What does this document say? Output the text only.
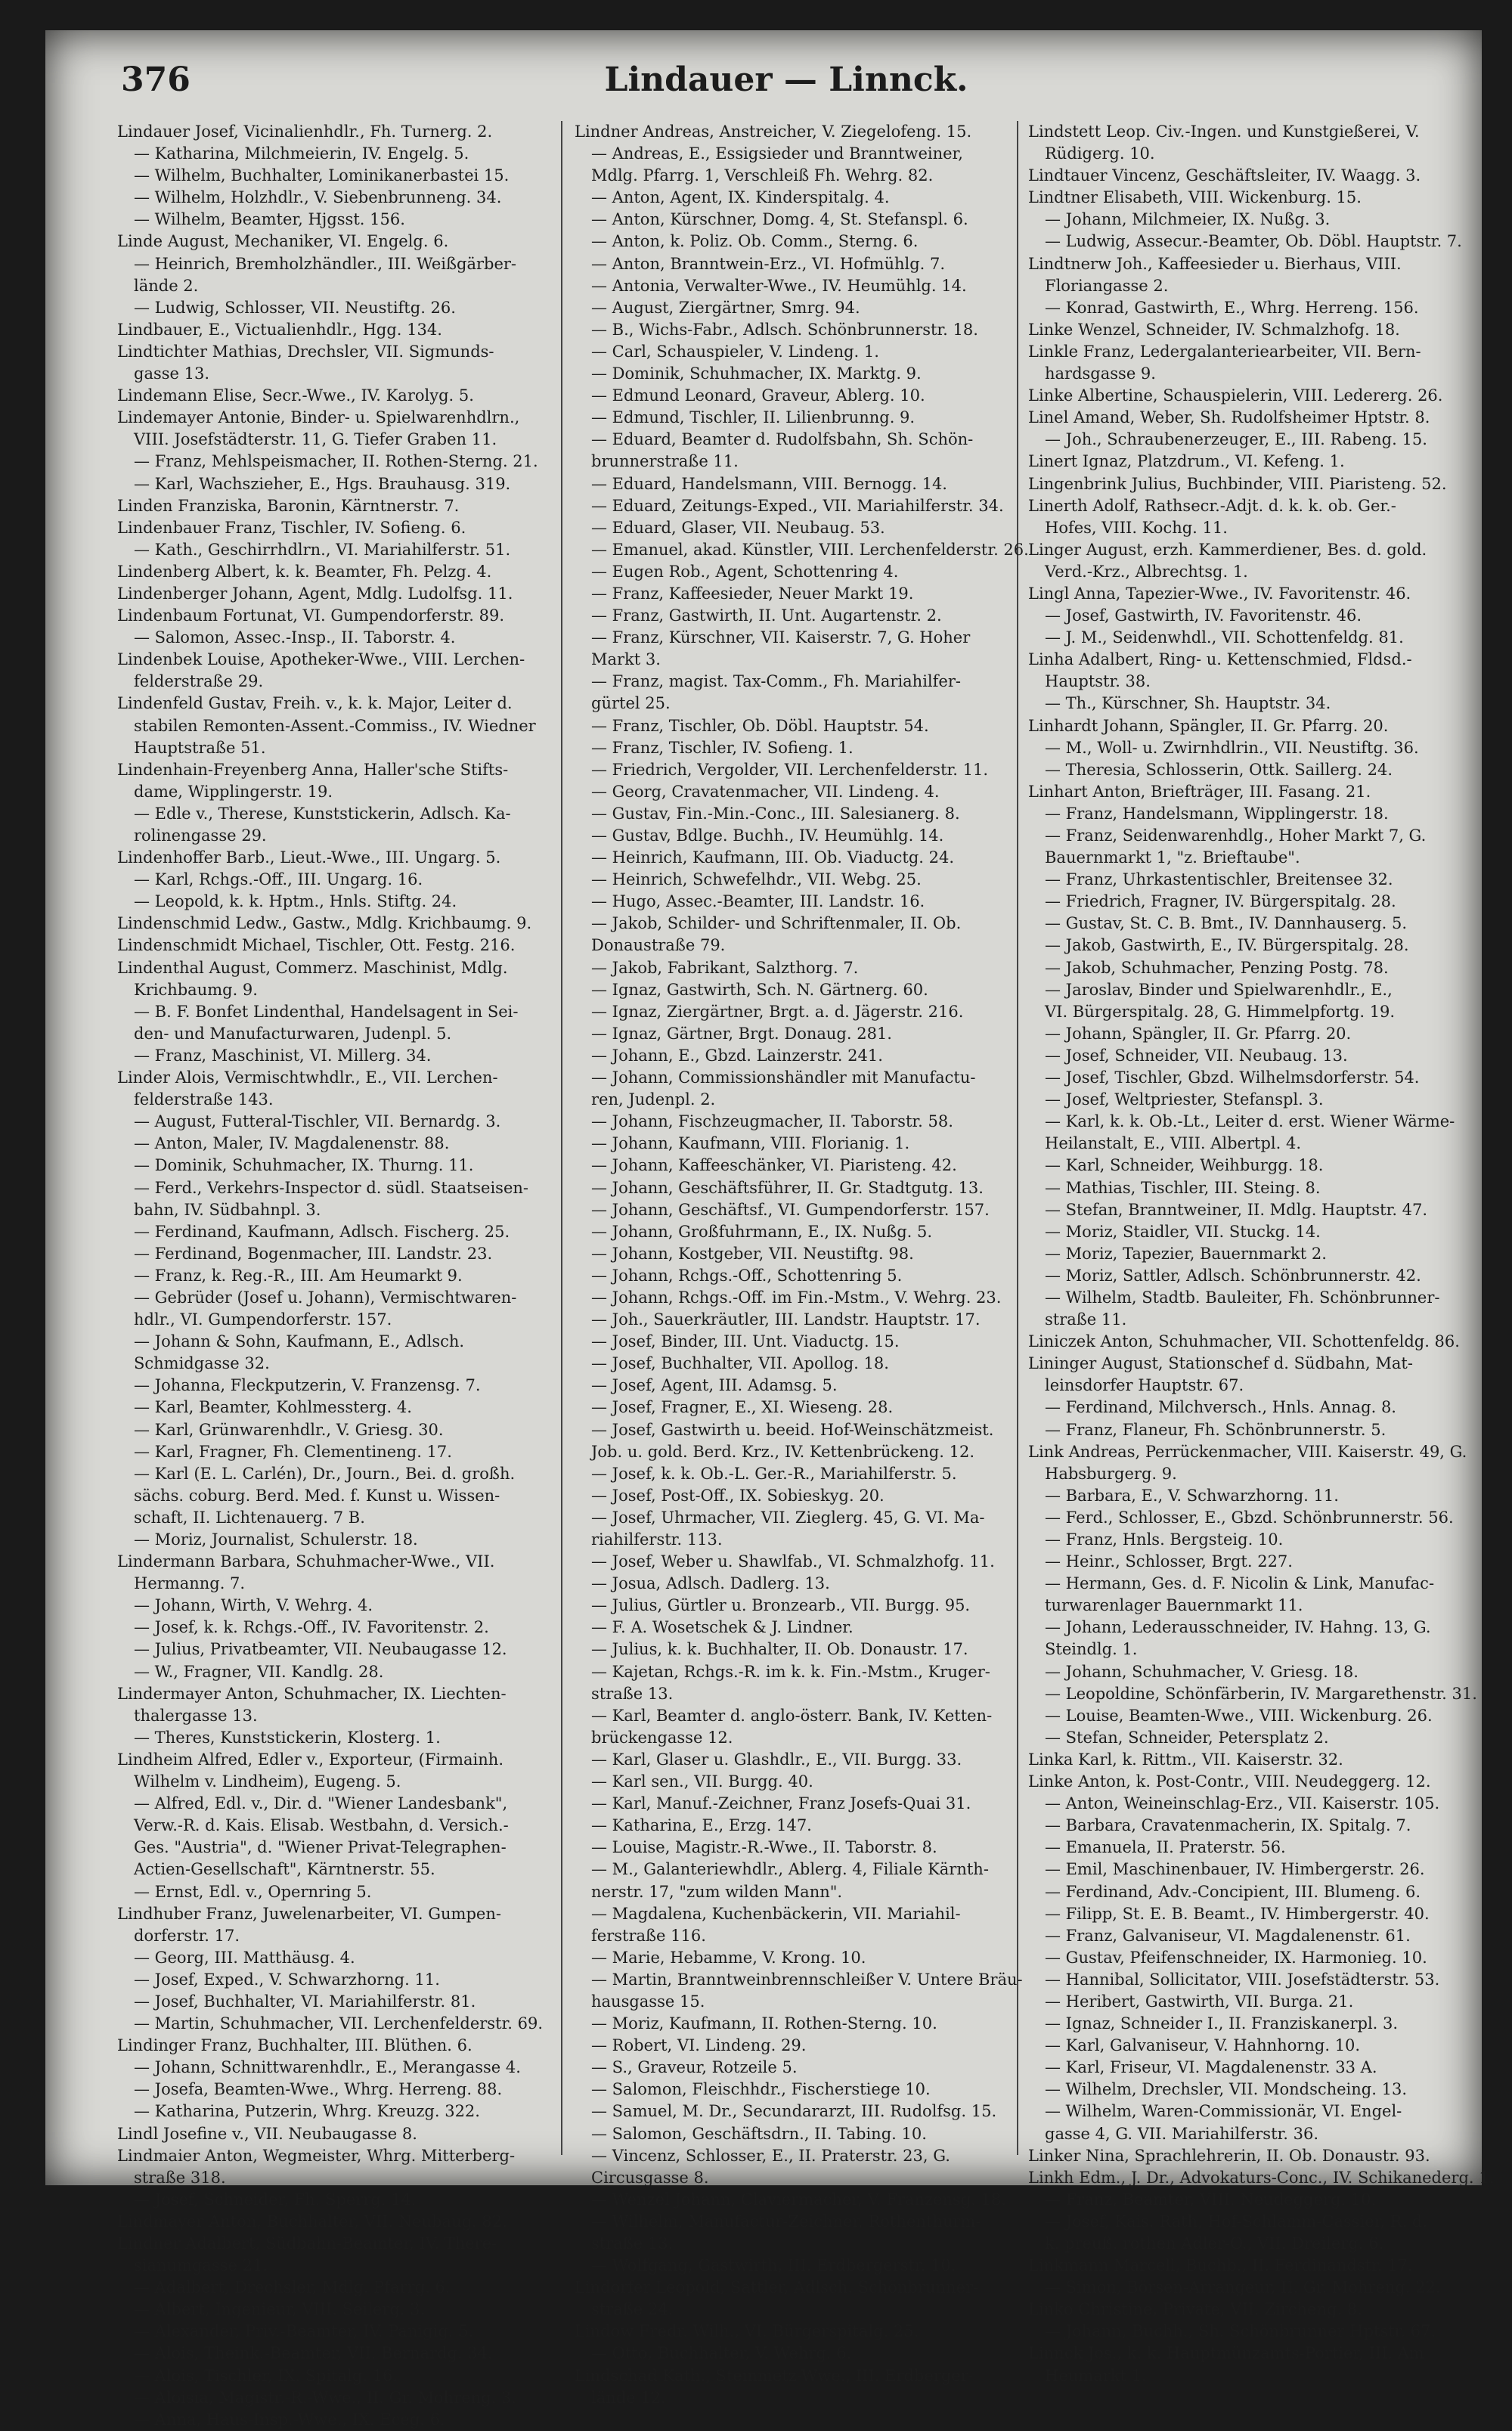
Lindauer — Linnck.
376
Lindauer Josef, Vicinalienhdlr., Fh. Turnerg. 2.
— Katharina, Milchmeierin, IV. Engelg. 5.
— Wilhelm, Buchhalter, Lominikanerbastei 15.
— Wilhelm, Holzhdlr., V. Siebenbrunneng. 34.
— Wilhelm, Beamter, Hjgsst. 156.
Linde August, Mechaniker, VI. Engelg. 6.
— Heinrich, Bremholzhändler., III. Weißgärber-
lände 2.
— Ludwig, Schlosser, VII. Neustiftg. 26.
Lindbauer, E., Victualienhdlr., Hgg. 134.
Lindtichter Mathias, Drechsler, VII. Sigmunds-
gasse 13.
Lindemann Elise, Secr.-Wwe., IV. Karolyg. 5.
Lindemayer Antonie, Binder- u. Spielwarenhdlrn.,
VIII. Josefstädterstr. 11, G. Tiefer Graben 11.
— Franz, Mehlspeismacher, II. Rothen-Sterng. 21.
— Karl, Wachszieher, E., Hgs. Brauhausg. 319.
Linden Franziska, Baronin, Kärntnerstr. 7.
Lindenbauer Franz, Tischler, IV. Sofieng. 6.
— Kath., Geschirrhdlrn., VI. Mariahilferstr. 51.
Lindenberg Albert, k. k. Beamter, Fh. Pelzg. 4.
Lindenberger Johann, Agent, Mdlg. Ludolfsg. 11.
Lindenbaum Fortunat, VI. Gumpendorferstr. 89.
— Salomon, Assec.-Insp., II. Taborstr. 4.
Lindenbek Louise, Apotheker-Wwe., VIII. Lerchen-
felderstraße 29.
Lindenfeld Gustav, Freih. v., k. k. Major, Leiter d.
stabilen Remonten-Assent.-Commiss., IV. Wiedner
Hauptstraße 51.
Lindenhain-Freyenberg Anna, Haller'sche Stifts-
dame, Wipplingerstr. 19.
— Edle v., Therese, Kunststickerin, Adlsch. Ka-
rolinengasse 29.
Lindenhoffer Barb., Lieut.-Wwe., III. Ungarg. 5.
— Karl, Rchgs.-Off., III. Ungarg. 16.
— Leopold, k. k. Hptm., Hnls. Stiftg. 24.
Lindenschmid Ledw., Gastw., Mdlg. Krichbaumg. 9.
Lindenschmidt Michael, Tischler, Ott. Festg. 216.
Lindenthal August, Commerz. Maschinist, Mdlg.
Krichbaumg. 9.
— B. F. Bonfet Lindenthal, Handelsagent in Sei-
den- und Manufacturwaren, Judenpl. 5.
— Franz, Maschinist, VI. Millerg. 34.
Linder Alois, Vermischtwhdlr., E., VII. Lerchen-
felderstraße 143.
— August, Futteral-Tischler, VII. Bernardg. 3.
— Anton, Maler, IV. Magdalenenstr. 88.
— Dominik, Schuhmacher, IX. Thurng. 11.
— Ferd., Verkehrs-Inspector d. südl. Staatseisen-
bahn, IV. Südbahnpl. 3.
— Ferdinand, Kaufmann, Adlsch. Fischerg. 25.
— Ferdinand, Bogenmacher, III. Landstr. 23.
— Franz, k. Reg.-R., III. Am Heumarkt 9.
— Gebrüder (Josef u. Johann), Vermischtwaren-
hdlr., VI. Gumpendorferstr. 157.
— Johann & Sohn, Kaufmann, E., Adlsch.
Schmidgasse 32.
— Johanna, Fleckputzerin, V. Franzensg. 7.
— Karl, Beamter, Kohlmessterg. 4.
— Karl, Grünwarenhdlr., V. Griesg. 30.
— Karl, Fragner, Fh. Clementineng. 17.
— Karl (E. L. Carlén), Dr., Journ., Bei. d. großh.
sächs. coburg. Berd. Med. f. Kunst u. Wissen-
schaft, II. Lichtenauerg. 7 B.
— Moriz, Journalist, Schulerstr. 18.
Lindermann Barbara, Schuhmacher-Wwe., VII.
Hermanng. 7.
— Johann, Wirth, V. Wehrg. 4.
— Josef, k. k. Rchgs.-Off., IV. Favoritenstr. 2.
— Julius, Privatbeamter, VII. Neubaugasse 12.
— W., Fragner, VII. Kandlg. 28.
Lindermayer Anton, Schuhmacher, IX. Liechten-
thalergasse 13.
— Theres, Kunststickerin, Klosterg. 1.
Lindheim Alfred, Edler v., Exporteur, (Firmainh.
Wilhelm v. Lindheim), Eugeng. 5.
— Alfred, Edl. v., Dir. d. "Wiener Landesbank",
Verw.-R. d. Kais. Elisab. Westbahn, d. Versich.-
Ges. "Austria", d. "Wiener Privat-Telegraphen-
Actien-Gesellschaft", Kärntnerstr. 55.
— Ernst, Edl. v., Opernring 5.
Lindhuber Franz, Juwelenarbeiter, VI. Gumpen-
dorferstr. 17.
— Georg, III. Matthäusg. 4.
— Josef, Exped., V. Schwarzhorng. 11.
— Josef, Buchhalter, VI. Mariahilferstr. 81.
— Martin, Schuhmacher, VII. Lerchenfelderstr. 69.
Lindinger Franz, Buchhalter, III. Blüthen. 6.
— Johann, Schnittwarenhdlr., E., Merangasse 4.
— Josefa, Beamten-Wwe., Whrg. Herreng. 88.
— Katharina, Putzerin, Whrg. Kreuzg. 322.
Lindl Josefine v., VII. Neubaugasse 8.
Lindmaier Anton, Wegmeister, Whrg. Mitterberg-
straße 318.
— Josef, Schneider, Fh. Sperrg. 14.
Lindmayer Anton, Buchhalter, VII. Neubaug. 82.
Lindner Adalbert, Südbahn-Beamter, IV. There-
sianumgasse 21.
— Adalbert, Drechsler, Mdlg. Pfarrg. 6.
— Albert, Ingenieur, VIII. Seilerg. 3.
— Alexander, Priv.-Beamter, IV. Panigig. 5.
— Alois, Theink.-Beamter, VII. Bernardg. 34.
— Alois, Tischler, IX. Spitalg. 16.
— Aloisia, Magistr.-R.-Wwe., II. Gr. Mohreng. 3.
— Anna, Haus-Insp.-Wwe., IX. Eceg. 6.
Lindner Andreas, Anstreicher, V. Ziegelofeng. 15.
— Andreas, E., Essigsieder und Branntweiner,
Mdlg. Pfarrg. 1, Verschleiß Fh. Wehrg. 82.
— Anton, Agent, IX. Kinderspitalg. 4.
— Anton, Kürschner, Domg. 4, St. Stefanspl. 6.
— Anton, k. Poliz. Ob. Comm., Sterng. 6.
— Anton, Branntwein-Erz., VI. Hofmühlg. 7.
— Antonia, Verwalter-Wwe., IV. Heumühlg. 14.
— August, Ziergärtner, Smrg. 94.
— B., Wichs-Fabr., Adlsch. Schönbrunnerstr. 18.
— Carl, Schauspieler, V. Lindeng. 1.
— Dominik, Schuhmacher, IX. Marktg. 9.
— Edmund Leonard, Graveur, Ablerg. 10.
— Edmund, Tischler, II. Lilienbrunng. 9.
— Eduard, Beamter d. Rudolfsbahn, Sh. Schön-
brunnerstraße 11.
— Eduard, Handelsmann, VIII. Bernogg. 14.
— Eduard, Zeitungs-Exped., VII. Mariahilferstr. 34.
— Eduard, Glaser, VII. Neubaug. 53.
— Emanuel, akad. Künstler, VIII. Lerchenfelderstr. 26.
— Eugen Rob., Agent, Schottenring 4.
— Franz, Kaffeesieder, Neuer Markt 19.
— Franz, Gastwirth, II. Unt. Augartenstr. 2.
— Franz, Kürschner, VII. Kaiserstr. 7, G. Hoher
Markt 3.
— Franz, magist. Tax-Comm., Fh. Mariahilfer-
gürtel 25.
— Franz, Tischler, Ob. Döbl. Hauptstr. 54.
— Franz, Tischler, IV. Sofieng. 1.
— Friedrich, Vergolder, VII. Lerchenfelderstr. 11.
— Georg, Cravatenmacher, VII. Lindeng. 4.
— Gustav, Fin.-Min.-Conc., III. Salesianerg. 8.
— Gustav, Bdlge. Buchh., IV. Heumühlg. 14.
— Heinrich, Kaufmann, III. Ob. Viaductg. 24.
— Heinrich, Schwefelhdr., VII. Webg. 25.
— Hugo, Assec.-Beamter, III. Landstr. 16.
— Jakob, Schilder- und Schriftenmaler, II. Ob.
Donaustraße 79.
— Jakob, Fabrikant, Salzthorg. 7.
— Ignaz, Gastwirth, Sch. N. Gärtnerg. 60.
— Ignaz, Ziergärtner, Brgt. a. d. Jägerstr. 216.
— Ignaz, Gärtner, Brgt. Donaug. 281.
— Johann, E., Gbzd. Lainzerstr. 241.
— Johann, Commissionshändler mit Manufactu-
ren, Judenpl. 2.
— Johann, Fischzeugmacher, II. Taborstr. 58.
— Johann, Kaufmann, VIII. Florianig. 1.
— Johann, Kaffeeschänker, VI. Piaristeng. 42.
— Johann, Geschäftsführer, II. Gr. Stadtgutg. 13.
— Johann, Geschäftsf., VI. Gumpendorferstr. 157.
— Johann, Großfuhrmann, E., IX. Nußg. 5.
— Johann, Kostgeber, VII. Neustiftg. 98.
— Johann, Rchgs.-Off., Schottenring 5.
— Johann, Rchgs.-Off. im Fin.-Mstm., V. Wehrg. 23.
— Joh., Sauerkräutler, III. Landstr. Hauptstr. 17.
— Josef, Binder, III. Unt. Viaductg. 15.
— Josef, Buchhalter, VII. Apollog. 18.
— Josef, Agent, III. Adamsg. 5.
— Josef, Fragner, E., XI. Wieseng. 28.
— Josef, Gastwirth u. beeid. Hof-Weinschätzmeist.
Job. u. gold. Berd. Krz., IV. Kettenbrückeng. 12.
— Josef, k. k. Ob.-L. Ger.-R., Mariahilferstr. 5.
— Josef, Post-Off., IX. Sobieskyg. 20.
— Josef, Uhrmacher, VII. Zieglerg. 45, G. VI. Ma-
riahilferstr. 113.
— Josef, Weber u. Shawlfab., VI. Schmalzhofg. 11.
— Josua, Adlsch. Dadlerg. 13.
— Julius, Gürtler u. Bronzearb., VII. Burgg. 95.
— F. A. Wosetschek & J. Lindner.
— Julius, k. k. Buchhalter, II. Ob. Donaustr. 17.
— Kajetan, Rchgs.-R. im k. k. Fin.-Mstm., Kruger-
straße 13.
— Karl, Beamter d. anglo-österr. Bank, IV. Ketten-
brückengasse 12.
— Karl, Glaser u. Glashdlr., E., VII. Burgg. 33.
— Karl sen., VII. Burgg. 40.
— Karl, Manuf.-Zeichner, Franz Josefs-Quai 31.
— Katharina, E., Erzg. 147.
— Louise, Magistr.-R.-Wwe., II. Taborstr. 8.
— M., Galanteriewhdlr., Ablerg. 4, Filiale Kärnth-
nerstr. 17, "zum wilden Mann".
— Magdalena, Kuchenbäckerin, VII. Mariahil-
ferstraße 116.
— Marie, Hebamme, V. Krong. 10.
— Martin, Branntweinbrennschleißer V. Untere Bräu-
hausgasse 15.
— Moriz, Kaufmann, II. Rothen-Sterng. 10.
— Robert, VI. Lindeng. 29.
— S., Graveur, Rotzeile 5.
— Salomon, Fleischhdr., Fischerstiege 10.
— Samuel, M. Dr., Secundararzt, III. Rudolfsg. 15.
— Salomon, Geschäftsdrn., II. Tabing. 10.
— Vincenz, Schlosser, E., II. Praterstr. 23, G.
Circusgasse 8.
— Wenzel Johann, Claviermacher, V. Franzensg. 18.
— Wilhelm, Manufactur-Zeichner, Rothenthurm-
straße 13.
— Wolfgang, Gastwirth, III. Erdbergerstr. 10.
Lindorfer Leopold, Sattler, Adlsch. Schönbrunner-
straße 24.
Lindow Fredr. Wilh., VI. Bürgerspitalg. 25.
— Otto, Buchhalter, V. Wehrg. 6.
Lindschad Kath., Steinmetz-Wwe., III. Erdberger-
lände 12.
Lindstett Leop. Civ.-Ingen. und Kunstgießerei, V.
Rüdigerg. 10.
Lindtauer Vincenz, Geschäftsleiter, IV. Waagg. 3.
Lindtner Elisabeth, VIII. Wickenburg. 15.
— Johann, Milchmeier, IX. Nußg. 3.
— Ludwig, Assecur.-Beamter, Ob. Döbl. Hauptstr. 7.
Lindtnerw Joh., Kaffeesieder u. Bierhaus, VIII.
Floriangasse 2.
— Konrad, Gastwirth, E., Whrg. Herreng. 156.
Linke Wenzel, Schneider, IV. Schmalzhofg. 18.
Linkle Franz, Ledergalanteriearbeiter, VII. Bern-
hardsgasse 9.
Linke Albertine, Schauspielerin, VIII. Ledererg. 26.
Linel Amand, Weber, Sh. Rudolfsheimer Hptstr. 8.
— Joh., Schraubenerzeuger, E., III. Rabeng. 15.
Linert Ignaz, Platzdrum., VI. Kefeng. 1.
Lingenbrink Julius, Buchbinder, VIII. Piaristeng. 52.
Linerth Adolf, Rathsecr.-Adjt. d. k. k. ob. Ger.-
Hofes, VIII. Kochg. 11.
Linger August, erzh. Kammerdiener, Bes. d. gold.
Verd.-Krz., Albrechtsg. 1.
Lingl Anna, Tapezier-Wwe., IV. Favoritenstr. 46.
— Josef, Gastwirth, IV. Favoritenstr. 46.
— J. M., Seidenwhdl., VII. Schottenfeldg. 81.
Linha Adalbert, Ring- u. Kettenschmied, Fldsd.-
Hauptstr. 38.
— Th., Kürschner, Sh. Hauptstr. 34.
Linhardt Johann, Spängler, II. Gr. Pfarrg. 20.
— M., Woll- u. Zwirnhdlrin., VII. Neustiftg. 36.
— Theresia, Schlosserin, Ottk. Saillerg. 24.
Linhart Anton, Briefträger, III. Fasang. 21.
— Franz, Handelsmann, Wipplingerstr. 18.
— Franz, Seidenwarenhdlg., Hoher Markt 7, G.
Bauernmarkt 1, "z. Brieftaube".
— Franz, Uhrkastentischler, Breitensee 32.
— Friedrich, Fragner, IV. Bürgerspitalg. 28.
— Gustav, St. C. B. Bmt., IV. Dannhauserg. 5.
— Jakob, Gastwirth, E., IV. Bürgerspitalg. 28.
— Jakob, Schuhmacher, Penzing Postg. 78.
— Jaroslav, Binder und Spielwarenhdlr., E.,
VI. Bürgerspitalg. 28, G. Himmelpfortg. 19.
— Johann, Spängler, II. Gr. Pfarrg. 20.
— Josef, Schneider, VII. Neubaug. 13.
— Josef, Tischler, Gbzd. Wilhelmsdorferstr. 54.
— Josef, Weltpriester, Stefanspl. 3.
— Karl, k. k. Ob.-Lt., Leiter d. erst. Wiener Wärme-
Heilanstalt, E., VIII. Albertpl. 4.
— Karl, Schneider, Weihburgg. 18.
— Mathias, Tischler, III. Steing. 8.
— Stefan, Branntweiner, II. Mdlg. Hauptstr. 47.
— Moriz, Staidler, VII. Stuckg. 14.
— Moriz, Tapezier, Bauernmarkt 2.
— Moriz, Sattler, Adlsch. Schönbrunnerstr. 42.
— Wilhelm, Stadtb. Bauleiter, Fh. Schönbrunner-
straße 11.
Liniczek Anton, Schuhmacher, VII. Schottenfeldg. 86.
Lininger August, Stationschef d. Südbahn, Mat-
leinsdorfer Hauptstr. 67.
— Ferdinand, Milchversch., Hnls. Annag. 8.
— Franz, Flaneur, Fh. Schönbrunnerstr. 5.
Link Andreas, Perrückenmacher, VIII. Kaiserstr. 49, G.
Habsburgerg. 9.
— Barbara, E., V. Schwarzhorng. 11.
— Ferd., Schlosser, E., Gbzd. Schönbrunnerstr. 56.
— Franz, Hnls. Bergsteig. 10.
— Heinr., Schlosser, Brgt. 227.
— Hermann, Ges. d. F. Nicolin & Link, Manufac-
turwarenlager Bauernmarkt 11.
— Johann, Lederausschneider, IV. Hahng. 13, G.
Steindlg. 1.
— Johann, Schuhmacher, V. Griesg. 18.
— Leopoldine, Schönfärberin, IV. Margarethenstr. 31.
— Louise, Beamten-Wwe., VIII. Wickenburg. 26.
— Stefan, Schneider, Petersplatz 2.
Linka Karl, k. Rittm., VII. Kaiserstr. 32.
Linke Anton, k. Post-Contr., VIII. Neudeggerg. 12.
— Anton, Weineinschlag-Erz., VII. Kaiserstr. 105.
— Barbara, Cravatenmacherin, IX. Spitalg. 7.
— Emanuela, II. Praterstr. 56.
— Emil, Maschinenbauer, IV. Himbergerstr. 26.
— Ferdinand, Adv.-Concipient, III. Blumeng. 6.
— Filipp, St. E. B. Beamt., IV. Himbergerstr. 40.
— Franz, Galvaniseur, VI. Magdalenenstr. 61.
— Gustav, Pfeifenschneider, IX. Harmonieg. 10.
— Hannibal, Sollicitator, VIII. Josefstädterstr. 53.
— Heribert, Gastwirth, VII. Burga. 21.
— Ignaz, Schneider I., II. Franziskanerpl. 3.
— Karl, Galvaniseur, V. Hahnhorng. 10.
— Karl, Friseur, VI. Magdalenenstr. 33 A.
— Wilhelm, Drechsler, VII. Mondscheing. 13.
— Wilhelm, Waren-Commissionär, VI. Engel-
gasse 4, G. VII. Mariahilferstr. 36.
Linker Nina, Sprachlehrerin, II. Ob. Donaustr. 93.
Linkh Edm., J. Dr., Advokaturs-Conc., IV. Schikanederg. 1.
— Franz, Beamter, VIII. Neudeggerg. 10.
— Josef, Kais. Rath, Hof-Schlamm-Cassier, R. d.
k. preuß. rothen Adler-O., VII. Dreilerg. 6.
Linkmann Marcell, Buchb., II. Ferdinandstr. 17.
— Simon, Börsen-Arrangeur, II. Gr. Mohreng. 22.
Linko Christine, Private, VII. Zircheng. 8.
— Johann, Buchh., Sh. Schönbrunner Hptstr. 67.
Linnck Jos., k. k. Hauptmünzamts-Portier, III. Am
Heumarkt 1.
